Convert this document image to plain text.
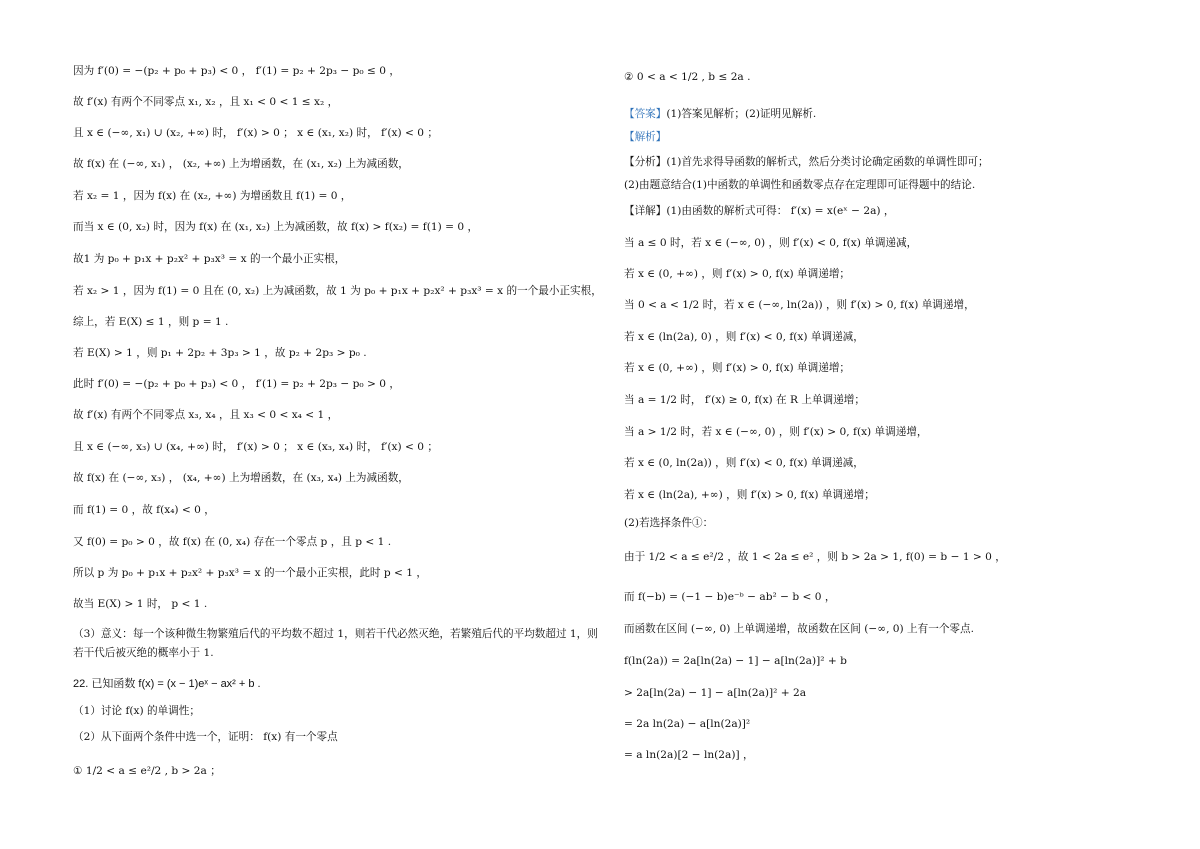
因为 f′(0) = −(p₂ + p₀ + p₃) < 0 ， f′(1) = p₂ + 2p₃ − p₀ ≤ 0 ，
故 f′(x) 有两个不同零点 x₁, x₂ ，且 x₁ < 0 < 1 ≤ x₂ ，
且 x ∈ (−∞, x₁) ∪ (x₂, +∞) 时， f′(x) > 0 ； x ∈ (x₁, x₂) 时， f′(x) < 0 ；
故 f(x) 在 (−∞, x₁) ， (x₂, +∞) 上为增函数，在 (x₁, x₂) 上为减函数，
若 x₂ = 1 ，因为 f(x) 在 (x₂, +∞) 为增函数且 f(1) = 0 ，
而当 x ∈ (0, x₂) 时，因为 f(x) 在 (x₁, x₂) 上为减函数，故 f(x) > f(x₂) = f(1) = 0 ，
故1 为 p₀ + p₁x + p₂x² + p₃x³ = x 的一个最小正实根，
若 x₂ > 1 ，因为 f(1) = 0 且在 (0, x₂) 上为减函数，故 1 为 p₀ + p₁x + p₂x² + p₃x³ = x 的一个最小正实根，
综上，若 E(X) ≤ 1 ，则 p = 1 .
若 E(X) > 1 ，则 p₁ + 2p₂ + 3p₃ > 1 ，故 p₂ + 2p₃ > p₀ .
此时 f′(0) = −(p₂ + p₀ + p₃) < 0 ， f′(1) = p₂ + 2p₃ − p₀ > 0 ，
故 f′(x) 有两个不同零点 x₃, x₄ ，且 x₃ < 0 < x₄ < 1 ，
且 x ∈ (−∞, x₃) ∪ (x₄, +∞) 时， f′(x) > 0 ； x ∈ (x₃, x₄) 时， f′(x) < 0 ；
故 f(x) 在 (−∞, x₃) ， (x₄, +∞) 上为增函数，在 (x₃, x₄) 上为减函数，
而 f(1) = 0 ，故 f(x₄) < 0 ，
又 f(0) = p₀ > 0 ，故 f(x) 在 (0, x₄) 存在一个零点 p ，且 p < 1 .
所以 p 为 p₀ + p₁x + p₂x² + p₃x³ = x 的一个最小正实根，此时 p < 1 ，
故当 E(X) > 1 时， p < 1 .
（3）意义：每一个该种微生物繁殖后代的平均数不超过 1，则若干代必然灭绝，若繁殖后代的平均数超过 1，则若干代后被灭绝的概率小于 1.
22. 已知函数 f(x) = (x − 1)eˣ − ax² + b .
（1）讨论 f(x) 的单调性；
（2）从下面两个条件中选一个，证明： f(x) 有一个零点
① 1/2 < a ≤ e²/2 , b > 2a ；
② 0 < a < 1/2 , b ≤ 2a .
【答案】(1)答案见解析；(2)证明见解析.
【解析】
【分析】(1)首先求得导函数的解析式，然后分类讨论确定函数的单调性即可；
(2)由题意结合(1)中函数的单调性和函数零点存在定理即可证得题中的结论.
【详解】(1)由函数的解析式可得： f′(x) = x(eˣ − 2a) ，
当 a ≤ 0 时，若 x ∈ (−∞, 0) ，则 f′(x) < 0, f(x) 单调递减，
若 x ∈ (0, +∞) ，则 f′(x) > 0, f(x) 单调递增；
当 0 < a < 1/2 时，若 x ∈ (−∞, ln(2a)) ，则 f′(x) > 0, f(x) 单调递增，
若 x ∈ (ln(2a), 0) ，则 f′(x) < 0, f(x) 单调递减，
若 x ∈ (0, +∞) ，则 f′(x) > 0, f(x) 单调递增；
当 a = 1/2 时， f′(x) ≥ 0, f(x) 在 R 上单调递增；
当 a > 1/2 时，若 x ∈ (−∞, 0) ，则 f′(x) > 0, f(x) 单调递增，
若 x ∈ (0, ln(2a)) ，则 f′(x) < 0, f(x) 单调递减，
若 x ∈ (ln(2a), +∞) ，则 f′(x) > 0, f(x) 单调递增；
(2)若选择条件①：
由于 1/2 < a ≤ e²/2 ，故 1 < 2a ≤ e² ，则 b > 2a > 1, f(0) = b − 1 > 0 ，
而 f(−b) = (−1 − b)e⁻ᵇ − ab² − b < 0 ，
而函数在区间 (−∞, 0) 上单调递增，故函数在区间 (−∞, 0) 上有一个零点.
f(ln(2a)) = 2a[ln(2a) − 1] − a[ln(2a)]² + b
> 2a[ln(2a) − 1] − a[ln(2a)]² + 2a
= 2a ln(2a) − a[ln(2a)]²
= a ln(2a)[2 − ln(2a)] ，
